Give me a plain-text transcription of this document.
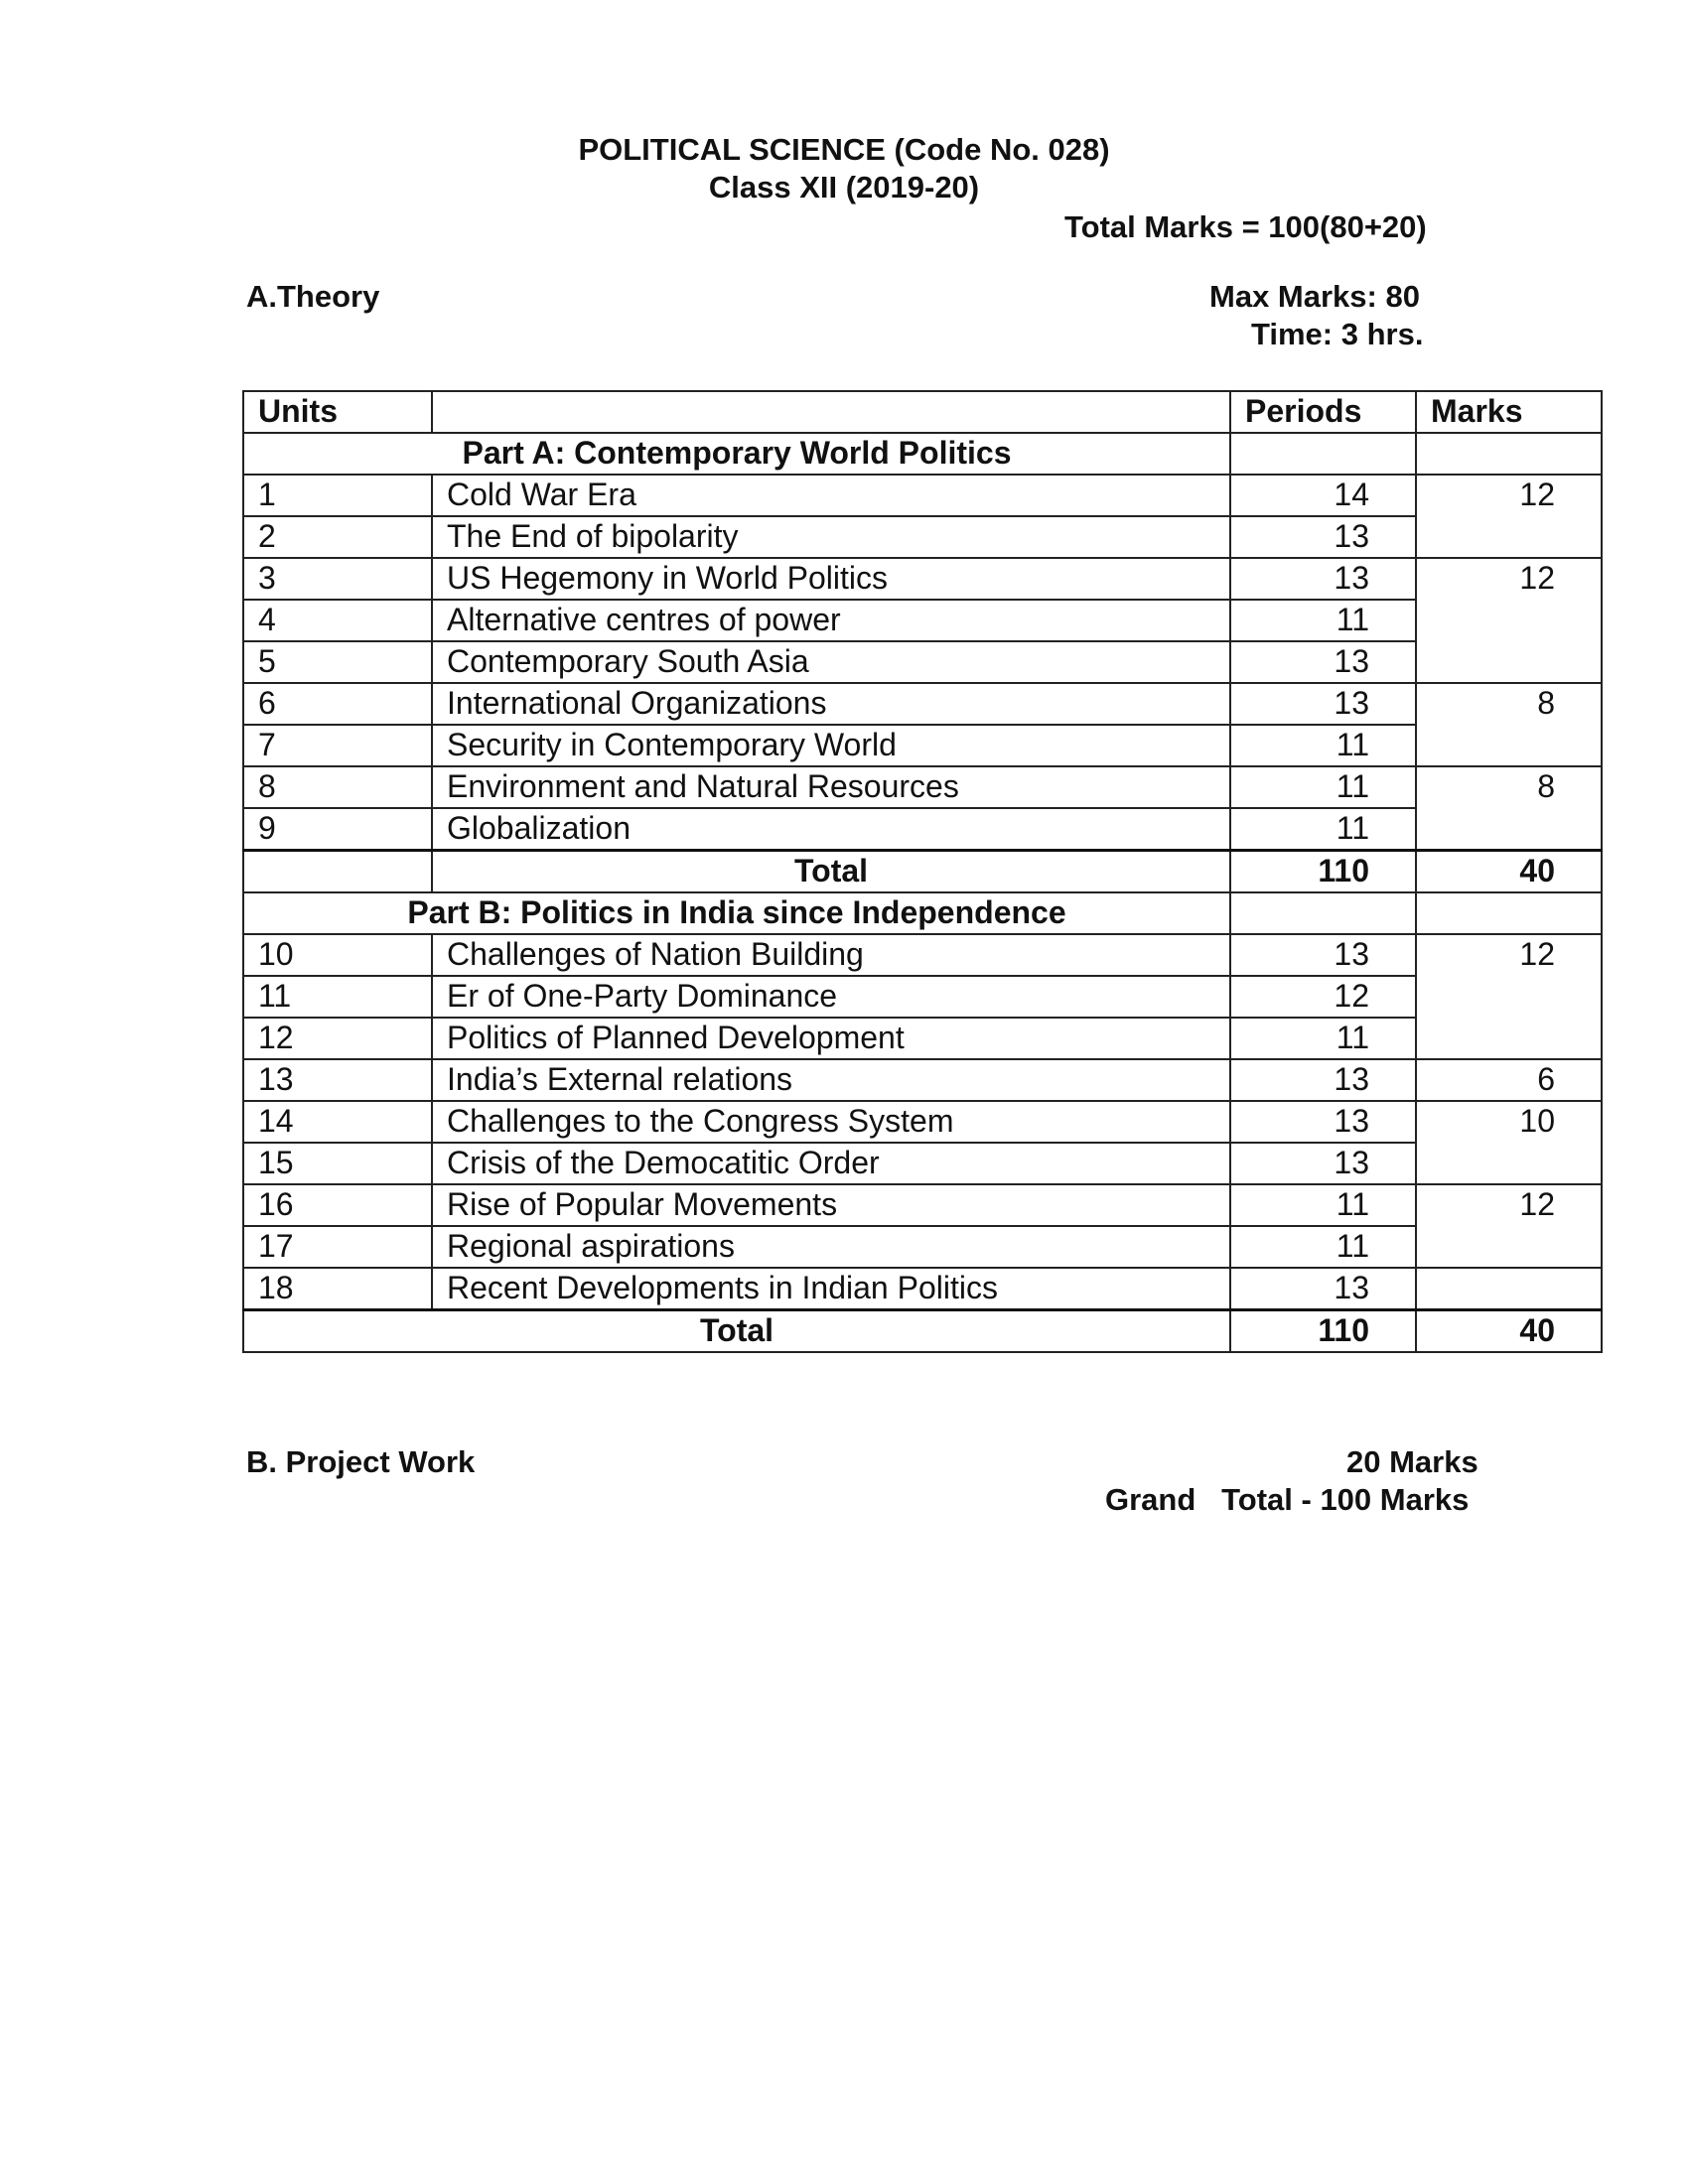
POLITICAL SCIENCE (Code No. 028)
Class XII (2019-20)
Total Marks = 100(80+20)
A.Theory	Max Marks: 80
Time: 3 hrs.
Units		Periods	Marks
Part A: Contemporary World Politics			
1	Cold War Era	14	12
2	The End of bipolarity	13	
3	US Hegemony in World Politics	13	12
4	Alternative centres of power	11	
5	Contemporary South Asia	13	
6	International Organizations	13	8
7	Security in Contemporary World	11	
8	Environment and Natural Resources	11	8
9	Globalization	11	
	Total	110	40
Part B: Politics in India since Independence			
10	Challenges of Nation Building	13	12
11	Er of One-Party Dominance	12	
12	Politics of Planned Development	11	
13	India’s External relations	13	6
14	Challenges to the Congress System	13	10
15	Crisis of the Democatitic Order	13	
16	Rise of Popular Movements	11	12
17	Regional aspirations	11	
18	Recent Developments in Indian Politics	13	
Total		110	40
B. Project Work	20 Marks
Grand Total - 100 Marks
